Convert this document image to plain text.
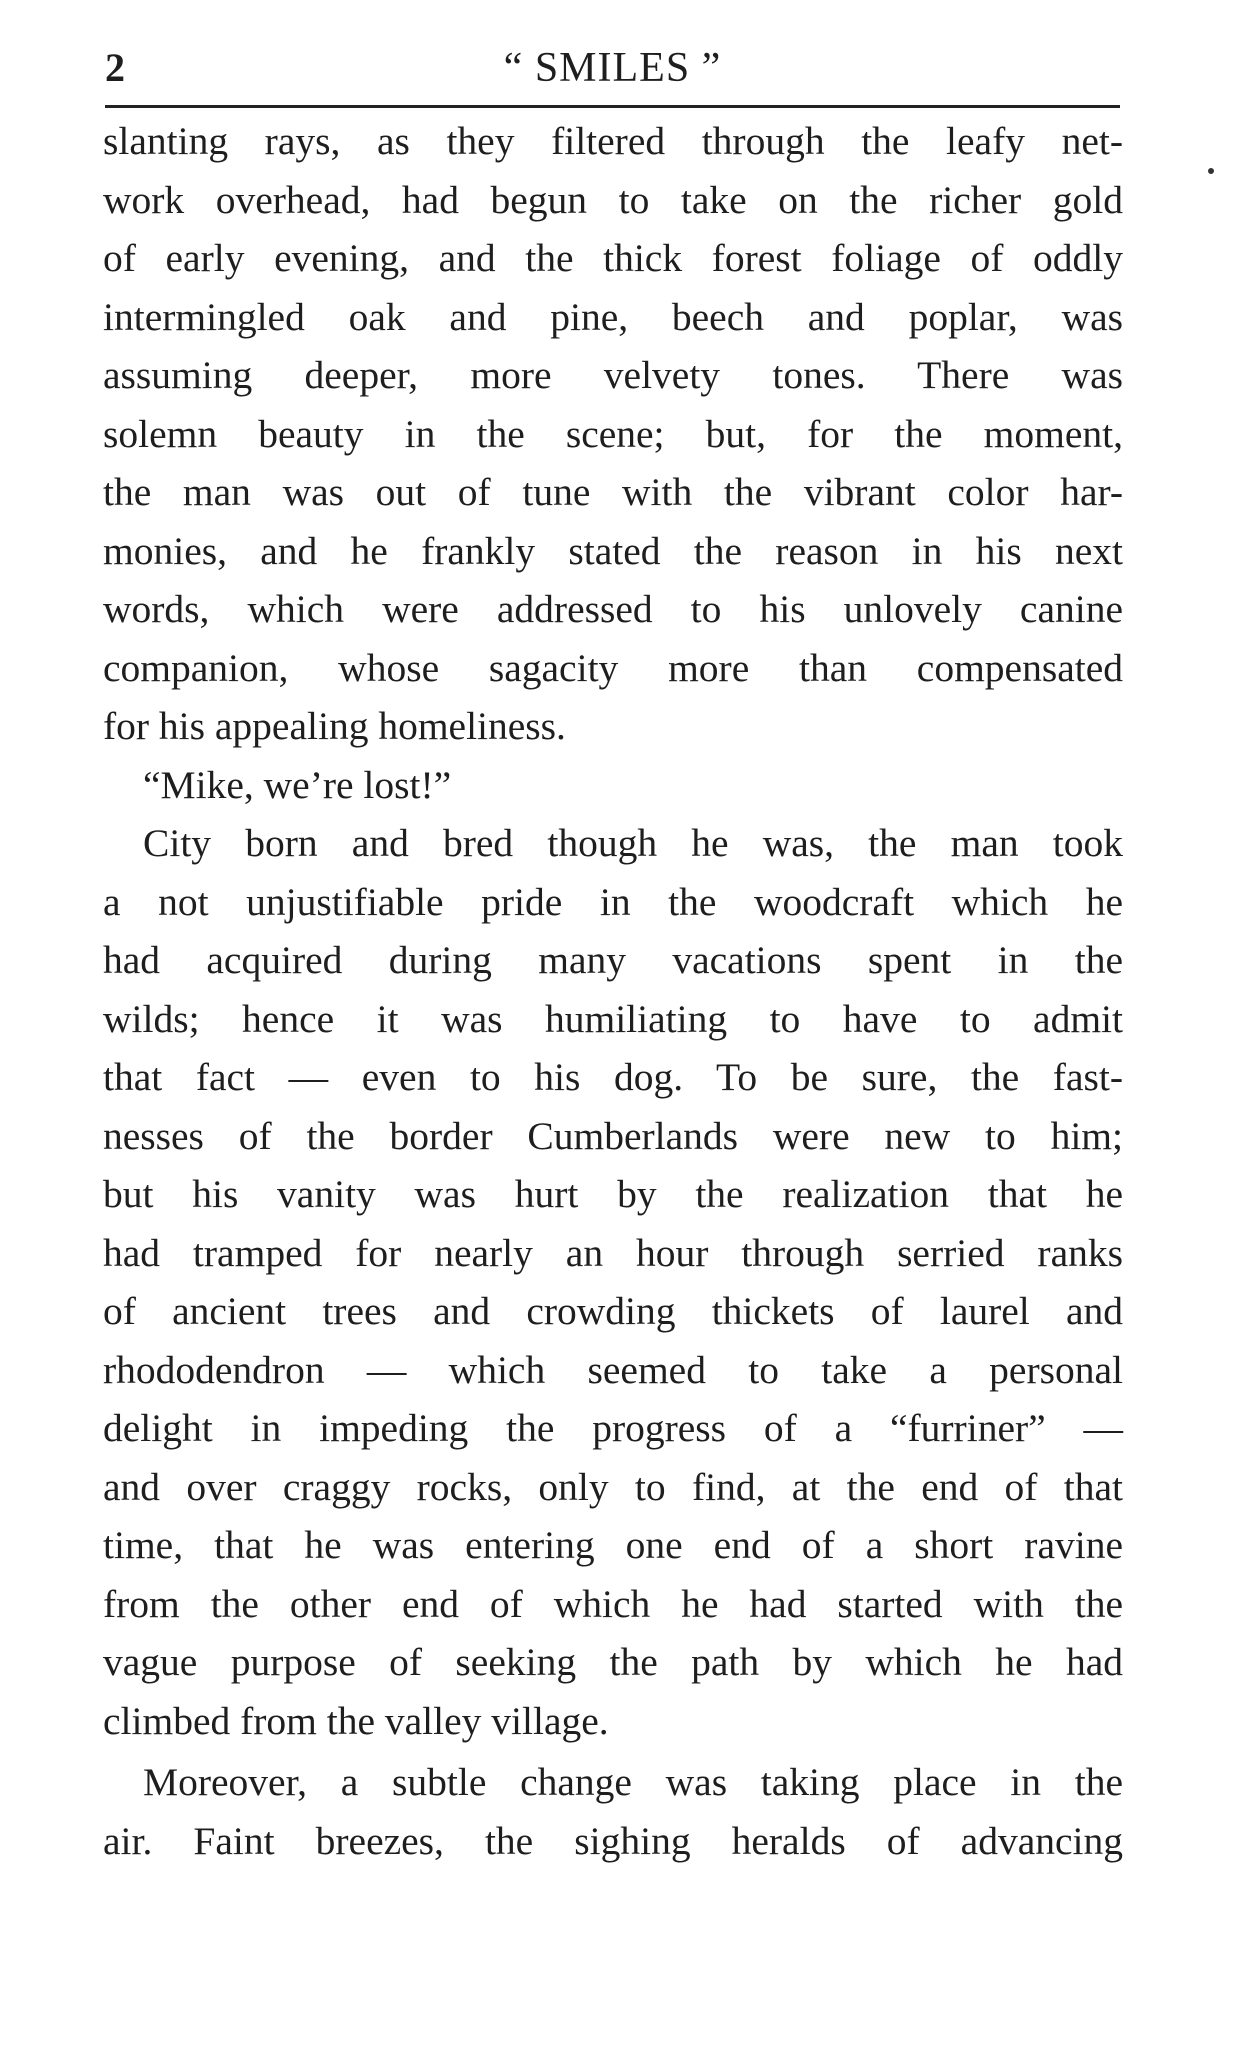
2	“ SMILES ”
slanting rays, as they filtered through the leafy net-
work overhead, had begun to take on the richer gold
of early evening, and the thick forest foliage of oddly
intermingled oak and pine, beech and poplar, was
assuming deeper, more velvety tones. There was
solemn beauty in the scene; but, for the moment,
the man was out of tune with the vibrant color har-
monies, and he frankly stated the reason in his next
words, which were addressed to his unlovely canine
companion, whose sagacity more than compensated
for his appealing homeliness.
“Mike, we’re lost!”
City born and bred though he was, the man took
a not unjustifiable pride in the woodcraft which he
had acquired during many vacations spent in the
wilds; hence it was humiliating to have to admit
that fact — even to his dog. To be sure, the fast-
nesses of the border Cumberlands were new to him;
but his vanity was hurt by the realization that he
had tramped for nearly an hour through serried ranks
of ancient trees and crowding thickets of laurel and
rhododendron — which seemed to take a personal
delight in impeding the progress of a “furriner” —
and over craggy rocks, only to find, at the end of that
time, that he was entering one end of a short ravine
from the other end of which he had started with the
vague purpose of seeking the path by which he had
climbed from the valley village.
Moreover, a subtle change was taking place in the
air. Faint breezes, the sighing heralds of advancing
